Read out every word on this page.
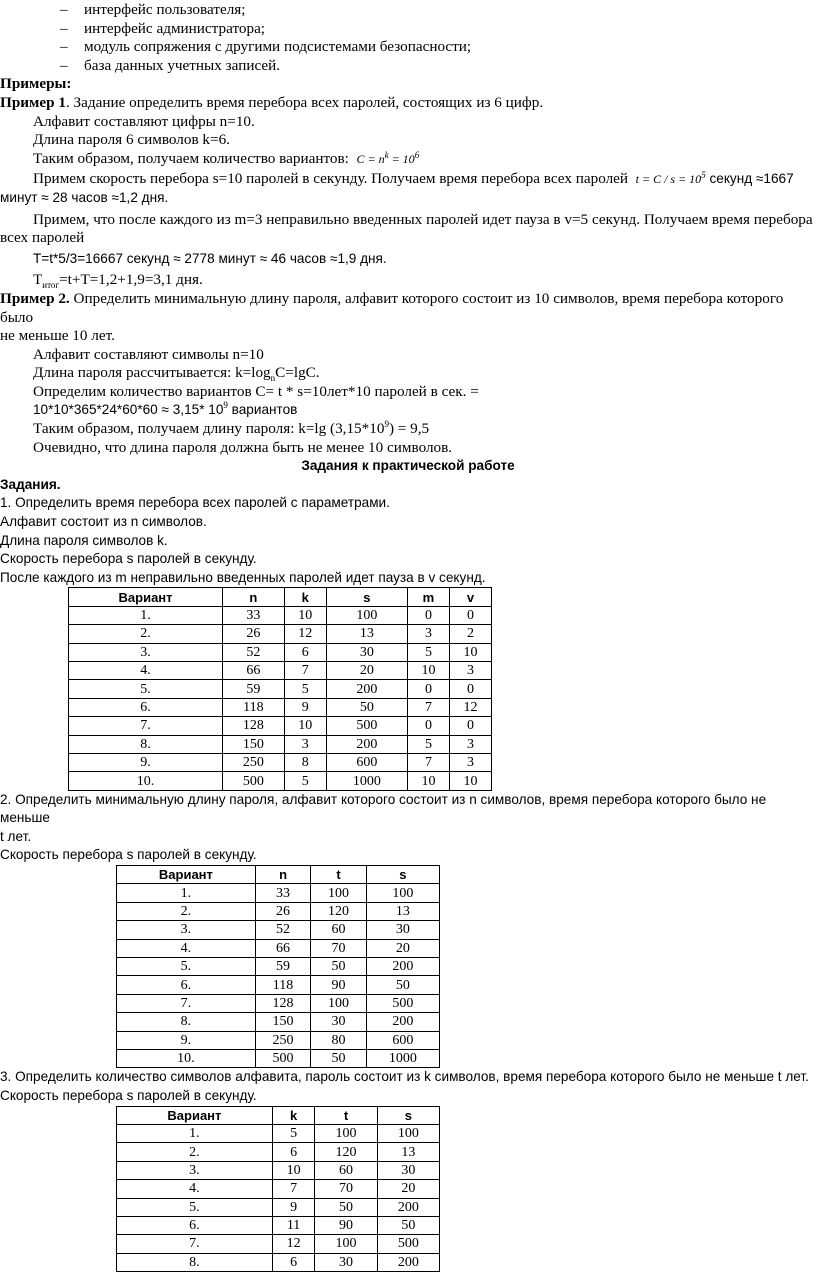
– интерфейс пользователя;
– интерфейс администратора;
– модуль сопряжения с другими подсистемами безопасности;
– база данных учетных записей.

Примеры:

Пример 1. Задание определить время перебора всех паролей, состоящих из 6 цифр.

Алфавит составляют цифры n=10.

Длина пароля 6 символов k=6.

Таким образом, получаем количество вариантов: $C = n^k = 10^6$

Примем скорость перебора s=10 паролей в секунду. Получаем время перебора всех паролей $t = C / s = 10^5$ секунд ≈1667

минут ≈ 28 часов ≈1,2 дня.

Примем, что после каждого из m=3 неправильно введенных паролей идет пауза в v=5 секунд. Получаем время перебора

всех паролей

T=t*5/3=16667 секунд ≈ 2778 минут ≈ 46 часов ≈1,9 дня.

$T_{итог}=t+T=1,2+1,9=3,1$ дня.

Пример 2. Определить минимальную длину пароля, алфавит которого состоит из 10 символов, время перебора которого было

не меньше 10 лет.

Алфавит составляют символы n=10

Длина пароля рассчитывается: $k=\log_nC=\lg C$.

Определим количество вариантов C= t * s=10лет*10 паролей в сек. =

10*10*365*24*60*60 ≈ 3,15* $10^9$ вариантов

Таким образом, получаем длину пароля: k=lg $(3,15*10^9) = 9,5$

Очевидно, что длина пароля должна быть не менее 10 символов.

Задания к практической работе

Задания.

1. Определить время перебора всех паролей с параметрами.

Алфавит состоит из n символов.

Длина пароля символов k.

Скорость перебора s паролей в секунду.

После каждого из m неправильно введенных паролей идет пауза в v секунд.

Вариант	n	k	s	m	v
1.	33	10	100	0	0
2.	26	12	13	3	2
3.	52	6	30	5	10
4.	66	7	20	10	3
5.	59	5	200	0	0
6.	118	9	50	7	12
7.	128	10	500	0	0
8.	150	3	200	5	3
9.	250	8	600	7	3
10.	500	5	1000	10	10

2. Определить минимальную длину пароля, алфавит которого состоит из n символов, время перебора которого было не меньше

t лет.

Скорость перебора s паролей в секунду.

Вариант	n	t	s
1.	33	100	100
2.	26	120	13
3.	52	60	30
4.	66	70	20
5.	59	50	200
6.	118	90	50
7.	128	100	500
8.	150	30	200
9.	250	80	600
10.	500	50	1000

3. Определить количество символов алфавита, пароль состоит из k символов, время перебора которого было не меньше t лет.

Скорость перебора s паролей в секунду.

Вариант	k	t	s
1.	5	100	100
2.	6	120	13
3.	10	60	30
4.	7	70	20
5.	9	50	200
6.	11	90	50
7.	12	100	500
8.	6	30	200
